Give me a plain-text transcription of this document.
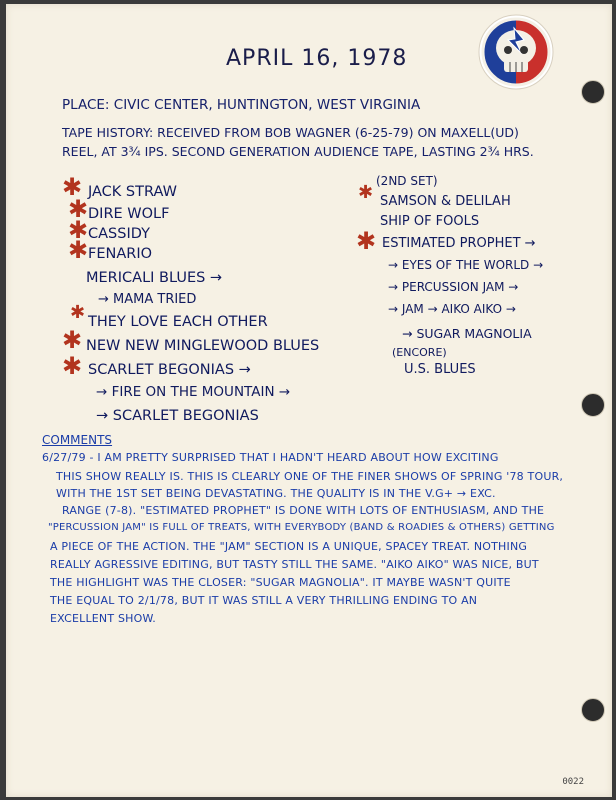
APRIL 16, 1978
PLACE: CIVIC CENTER, HUNTINGTON, WEST VIRGINIA
TAPE HISTORY: RECEIVED FROM BOB WAGNER (6-25-79) ON MAXELL(UD)
REEL, AT 3¾ IPS. SECOND GENERATION AUDIENCE TAPE, LASTING 2¾ HRS.
✱
✱
✱
✱
✱
✱
✱
JACK STRAW
DIRE WOLF
CASSIDY
FENARIO
MERICALI BLUES →
→ MAMA TRIED
THEY LOVE EACH OTHER
NEW NEW MINGLEWOOD BLUES
SCARLET BEGONIAS →
→ FIRE ON THE MOUNTAIN →
→ SCARLET BEGONIAS
(2ND SET)
✱ SAMSON & DELILAH
SHIP OF FOOLS
✱ ESTIMATED PROPHET →
→ EYES OF THE WORLD →
→ PERCUSSION JAM →
→ JAM → AIKO AIKO →
→ SUGAR MAGNOLIA
(ENCORE)
U.S. BLUES
COMMENTS
6/27/79 - I AM PRETTY SURPRISED THAT I HADN'T HEARD ABOUT HOW EXCITING
THIS SHOW REALLY IS. THIS IS CLEARLY ONE OF THE FINER SHOWS OF SPRING '78 TOUR,
WITH THE 1ST SET BEING DEVASTATING. THE QUALITY IS IN THE V.G+ → EXC.
RANGE (7-8). "ESTIMATED PROPHET" IS DONE WITH LOTS OF ENTHUSIASM, AND THE
"PERCUSSION JAM" IS FULL OF TREATS, WITH EVERYBODY (BAND & ROADIES & OTHERS) GETTING
A PIECE OF THE ACTION. THE "JAM" SECTION IS A UNIQUE, SPACEY TREAT. NOTHING
REALLY AGRESSIVE EDITING, BUT TASTY STILL THE SAME. "AIKO AIKO" WAS NICE, BUT
THE HIGHLIGHT WAS THE CLOSER: "SUGAR MAGNOLIA". IT MAYBE WASN'T QUITE
THE EQUAL TO 2/1/78, BUT IT WAS STILL A VERY THRILLING ENDING TO AN
EXCELLENT SHOW.
0022
